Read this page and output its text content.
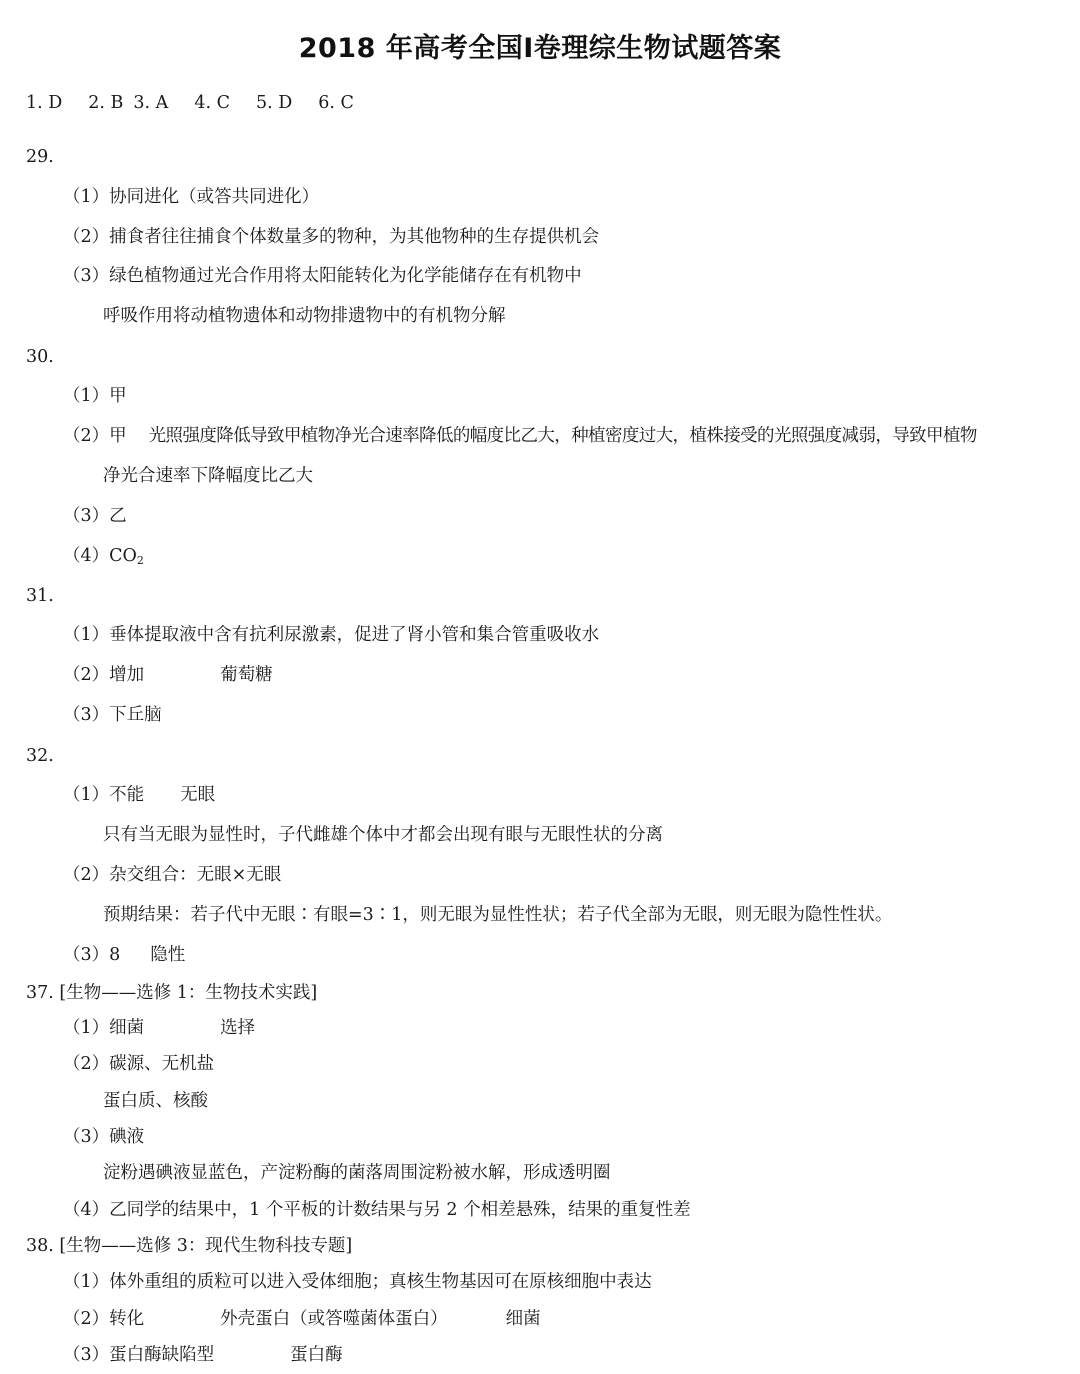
2018 年高考全国Ⅰ卷理综生物试题答案
1. D 2. B 3. A 4. C 5. D 6. C
29.
（1）协同进化（或答共同进化）
（2）捕食者往往捕食个体数量多的物种，为其他物种的生存提供机会
（3）绿色植物通过光合作用将太阳能转化为化学能储存在有机物中
呼吸作用将动植物遗体和动物排遗物中的有机物分解
30.
（1）甲
（2）甲 光照强度降低导致甲植物净光合速率降低的幅度比乙大，种植密度过大，植株接受的光照强度减弱，导致甲植物
净光合速率下降幅度比乙大
（3）乙
$(4)CO_2$
31.
（1）垂体提取液中含有抗利尿激素，促进了肾小管和集合管重吸收水
（2）增加	葡萄糖
（3）下丘脑
32.
（1）不能 无眼
只有当无眼为显性时，子代雌雄个体中才都会出现有眼与无眼性状的分离
（2）杂交组合：无眼×无眼
预期结果：若子代中无眼∶有眼=3∶1，则无眼为显性性状；若子代全部为无眼，则无眼为隐性性状。
（3）8 隐性
37. [生物——选修 1：生物技术实践]
（1）细菌	选择
（2）碳源、无机盐
蛋白质、核酸
（3）碘液
淀粉遇碘液显蓝色，产淀粉酶的菌落周围淀粉被水解，形成透明圈
（4）乙同学的结果中，1 个平板的计数结果与另 2 个相差悬殊，结果的重复性差
38. [生物——选修 3：现代生物科技专题]
（1）体外重组的质粒可以进入受体细胞；真核生物基因可在原核细胞中表达
（2）转化	外壳蛋白（或答噬菌体蛋白）	细菌
（3）蛋白酶缺陷型	蛋白酶
